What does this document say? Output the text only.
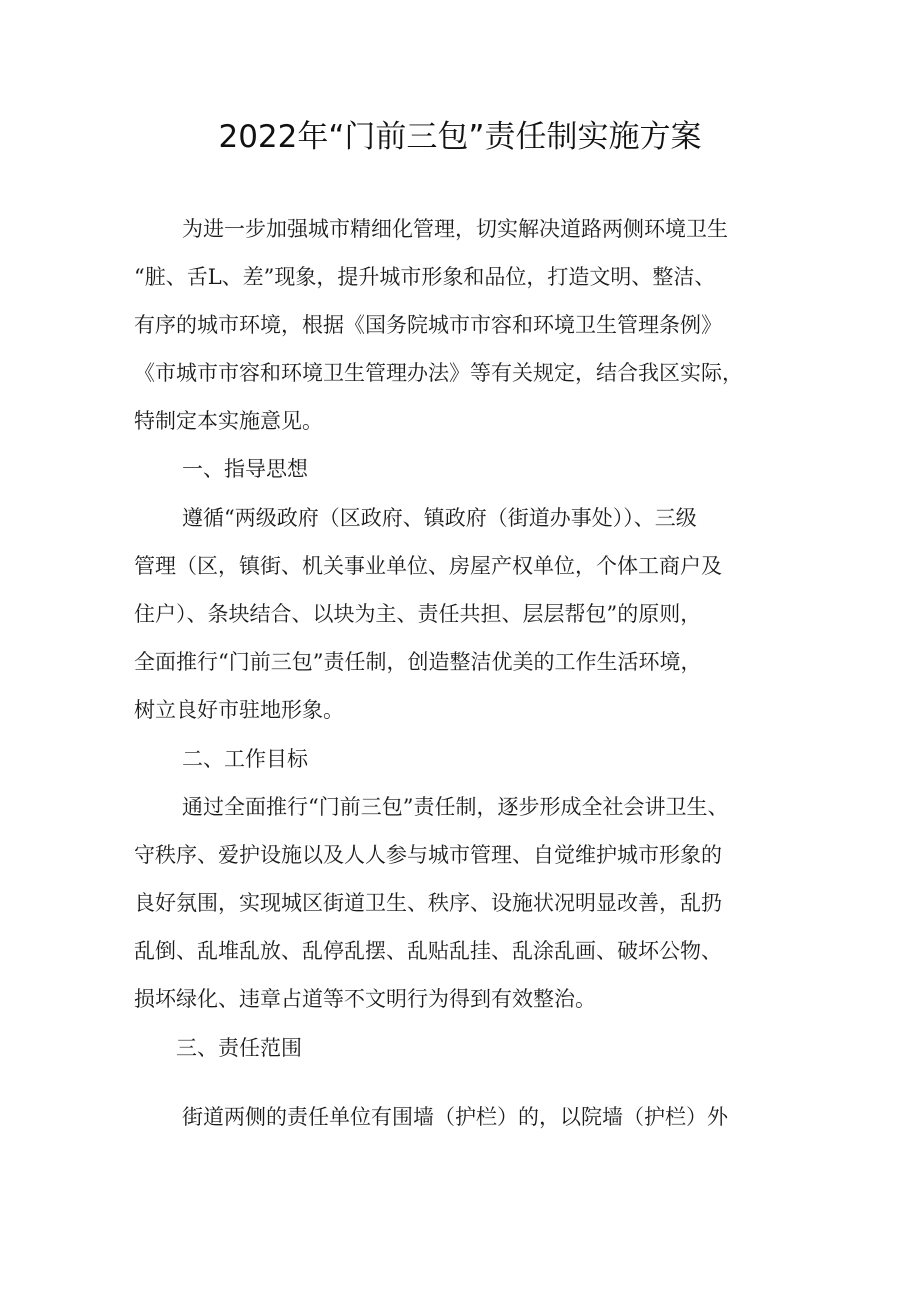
2022年“门前三包”责任制实施方案

为进一步加强城市精细化管理，切实解决道路两侧环境卫生

“脏、舌L、差”现象，提升城市形象和品位，打造文明、整洁、

有序的城市环境，根据《国务院城市市容和环境卫生管理条例》

《市城市市容和环境卫生管理办法》等有关规定，结合我区实际，

特制定本实施意见。

一、指导思想

遵循“两级政府（区政府、镇政府（街道办事处））、三级

管理（区，镇街、机关事业单位、房屋产权单位，个体工商户及

住户）、条块结合、以块为主、责任共担、层层帮包”的原则，

全面推行“门前三包”责任制，创造整洁优美的工作生活环境，

树立良好市驻地形象。

二、工作目标

通过全面推行“门前三包”责任制，逐步形成全社会讲卫生、

守秩序、爱护设施以及人人参与城市管理、自觉维护城市形象的

良好氛围，实现城区街道卫生、秩序、设施状况明显改善，乱扔

乱倒、乱堆乱放、乱停乱摆、乱贴乱挂、乱涂乱画、破坏公物、

损坏绿化、违章占道等不文明行为得到有效整治。

三、责任范围

街道两侧的责任单位有围墙（护栏）的，以院墙（护栏）外
